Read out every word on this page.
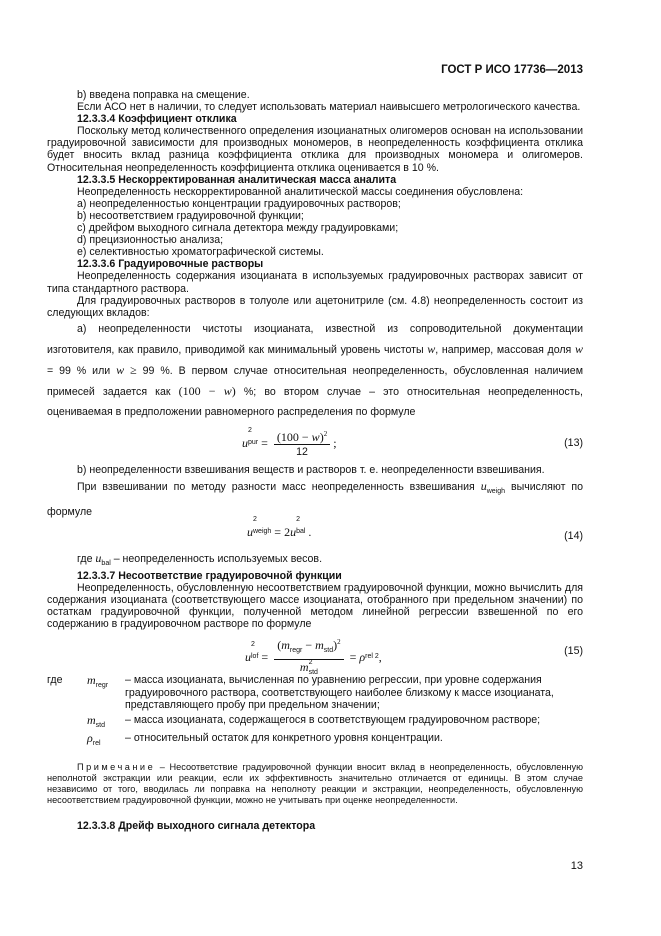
ГОСТ Р ИСО 17736—2013

b) введена поправка на смещение.

Если АСО нет в наличии, то следует использовать материал наивысшего метрологического качества.

12.3.3.4 Коэффициент отклика

Поскольку метод количественного определения изоцианатных олигомеров основан на использовании градуировочной зависимости для производных мономеров, в неопределенность коэффициента отклика будет вносить вклад разница коэффициента отклика для производных мономера и олигомеров. Относительная неопределенность коэффициента отклика оценивается в 10 %.

12.3.3.5 Нескорректированная аналитическая масса аналита

Неопределенность нескорректированной аналитической массы соединения обусловлена:

a) неопределенностью концентрации градуировочных растворов;

b) несоответствием градуировочной функции;

c) дрейфом выходного сигнала детектора между градуировками;

d) прецизионностью анализа;

e) селективностью хроматографической системы.

12.3.3.6 Градуировочные растворы

Неопределенность содержания изоцианата в используемых градуировочных растворах зависит от типа стандартного раствора.

Для градуировочных растворов в толуоле или ацетонитриле (см. 4.8) неопределенность состоит из следующих вкладов:

a) неопределенности чистоты изоцианата, известной из сопроводительной документации изготовителя, как правило, приводимой как минимальный уровень чистоты w, например, массовая доля w = 99 % или w ≥ 99 %. В первом случае относительная неопределенность, обусловленная наличием примесей задается как (100 − w) %; во втором случае – это относительная неопределенность, оцениваемая в предположении равномерного распределения по формуле

u
2
pur = $\frac{(100 - w)^2}{12}$ ;	(13)

b) неопределенности взвешивания веществ и растворов т. е. неопределенности взвешивания.

При взвешивании по методу разности масс неопределенность взвешивания $u_{weigh}$ вычисляют по формуле

u
2
weigh = 2 u
2
bal .	(14)

где $u_{bal}$ – неопределенность используемых весов.

12.3.3.7 Несоответствие градуировочной функции

Неопределенность, обусловленную несоответствием градуировочной функции, можно вычислить для содержания изоцианата (соответствующего массе изоцианата, отобранного при предельном значении) по остаткам градуировочной функции, полученной методом линейной регрессии взвешенной по его содержанию в градуировочном растворе по формуле

u
2
lof = $(m_{regr} - m_{std})^2$
m $_{2 std}$ = ρ rel 2 ,	(15)
где	$m_{regr}$	– масса изоцианата, вычисленная по уравнению регрессии, при уровне содержания градуировочного раствора, соответствующего наиболее близкому к массе изоцианата, представляющего пробу при предельном значении;
$m_{std}$	– масса изоцианата, содержащегося в соответствующем градуировочном растворе;
$\rho_{rel}$	– относительный остаток для конкретного уровня концентрации.

Примечание – Несоответствие градуировочной функции вносит вклад в неопределенность, обусловленную неполнотой экстракции или реакции, если их эффективность значительно отличается от единицы. В этом случае независимо от того, вводилась ли поправка на неполноту реакции и экстракции, неопределенность, обусловленную несоответствием градуировочной функции, можно не учитывать при оценке неопределенности.

12.3.3.8 Дрейф выходного сигнала детектора

13
